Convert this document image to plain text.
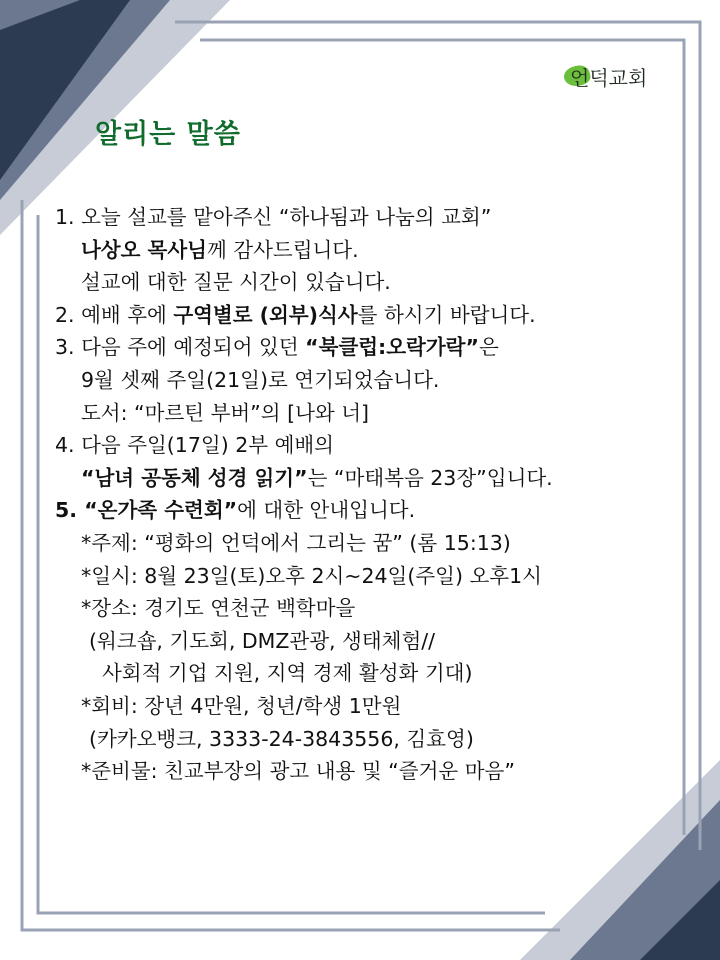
언덕교회
알리는 말씀
1. 오늘 설교를 맡아주신 “하나됨과 나눔의 교회”
나상오 목사님께 감사드립니다.
설교에 대한 질문 시간이 있습니다.
2. 예배 후에 구역별로 (외부)식사를 하시기 바랍니다.
3. 다음 주에 예정되어 있던 “북클럽:오락가락”은
9월 셋째 주일(21일)로 연기되었습니다.
도서: “마르틴 부버”의 [나와 너]
4. 다음 주일(17일) 2부 예배의
“남녀 공동체 성경 읽기”는 “마태복음 23장”입니다.
5. “온가족 수련회”에 대한 안내입니다.
*주제: “평화의 언덕에서 그리는 꿈” (롬 15:13)
*일시: 8월 23일(토)오후 2시~24일(주일) 오후1시
*장소: 경기도 연천군 백학마을
(워크숍, 기도회, DMZ관광, 생태체험//
사회적 기업 지원, 지역 경제 활성화 기대)
*회비: 장년 4만원, 청년/학생 1만원
(카카오뱅크, 3333-24-3843556, 김효영)
*준비물: 친교부장의 광고 내용 및 “즐거운 마음”
